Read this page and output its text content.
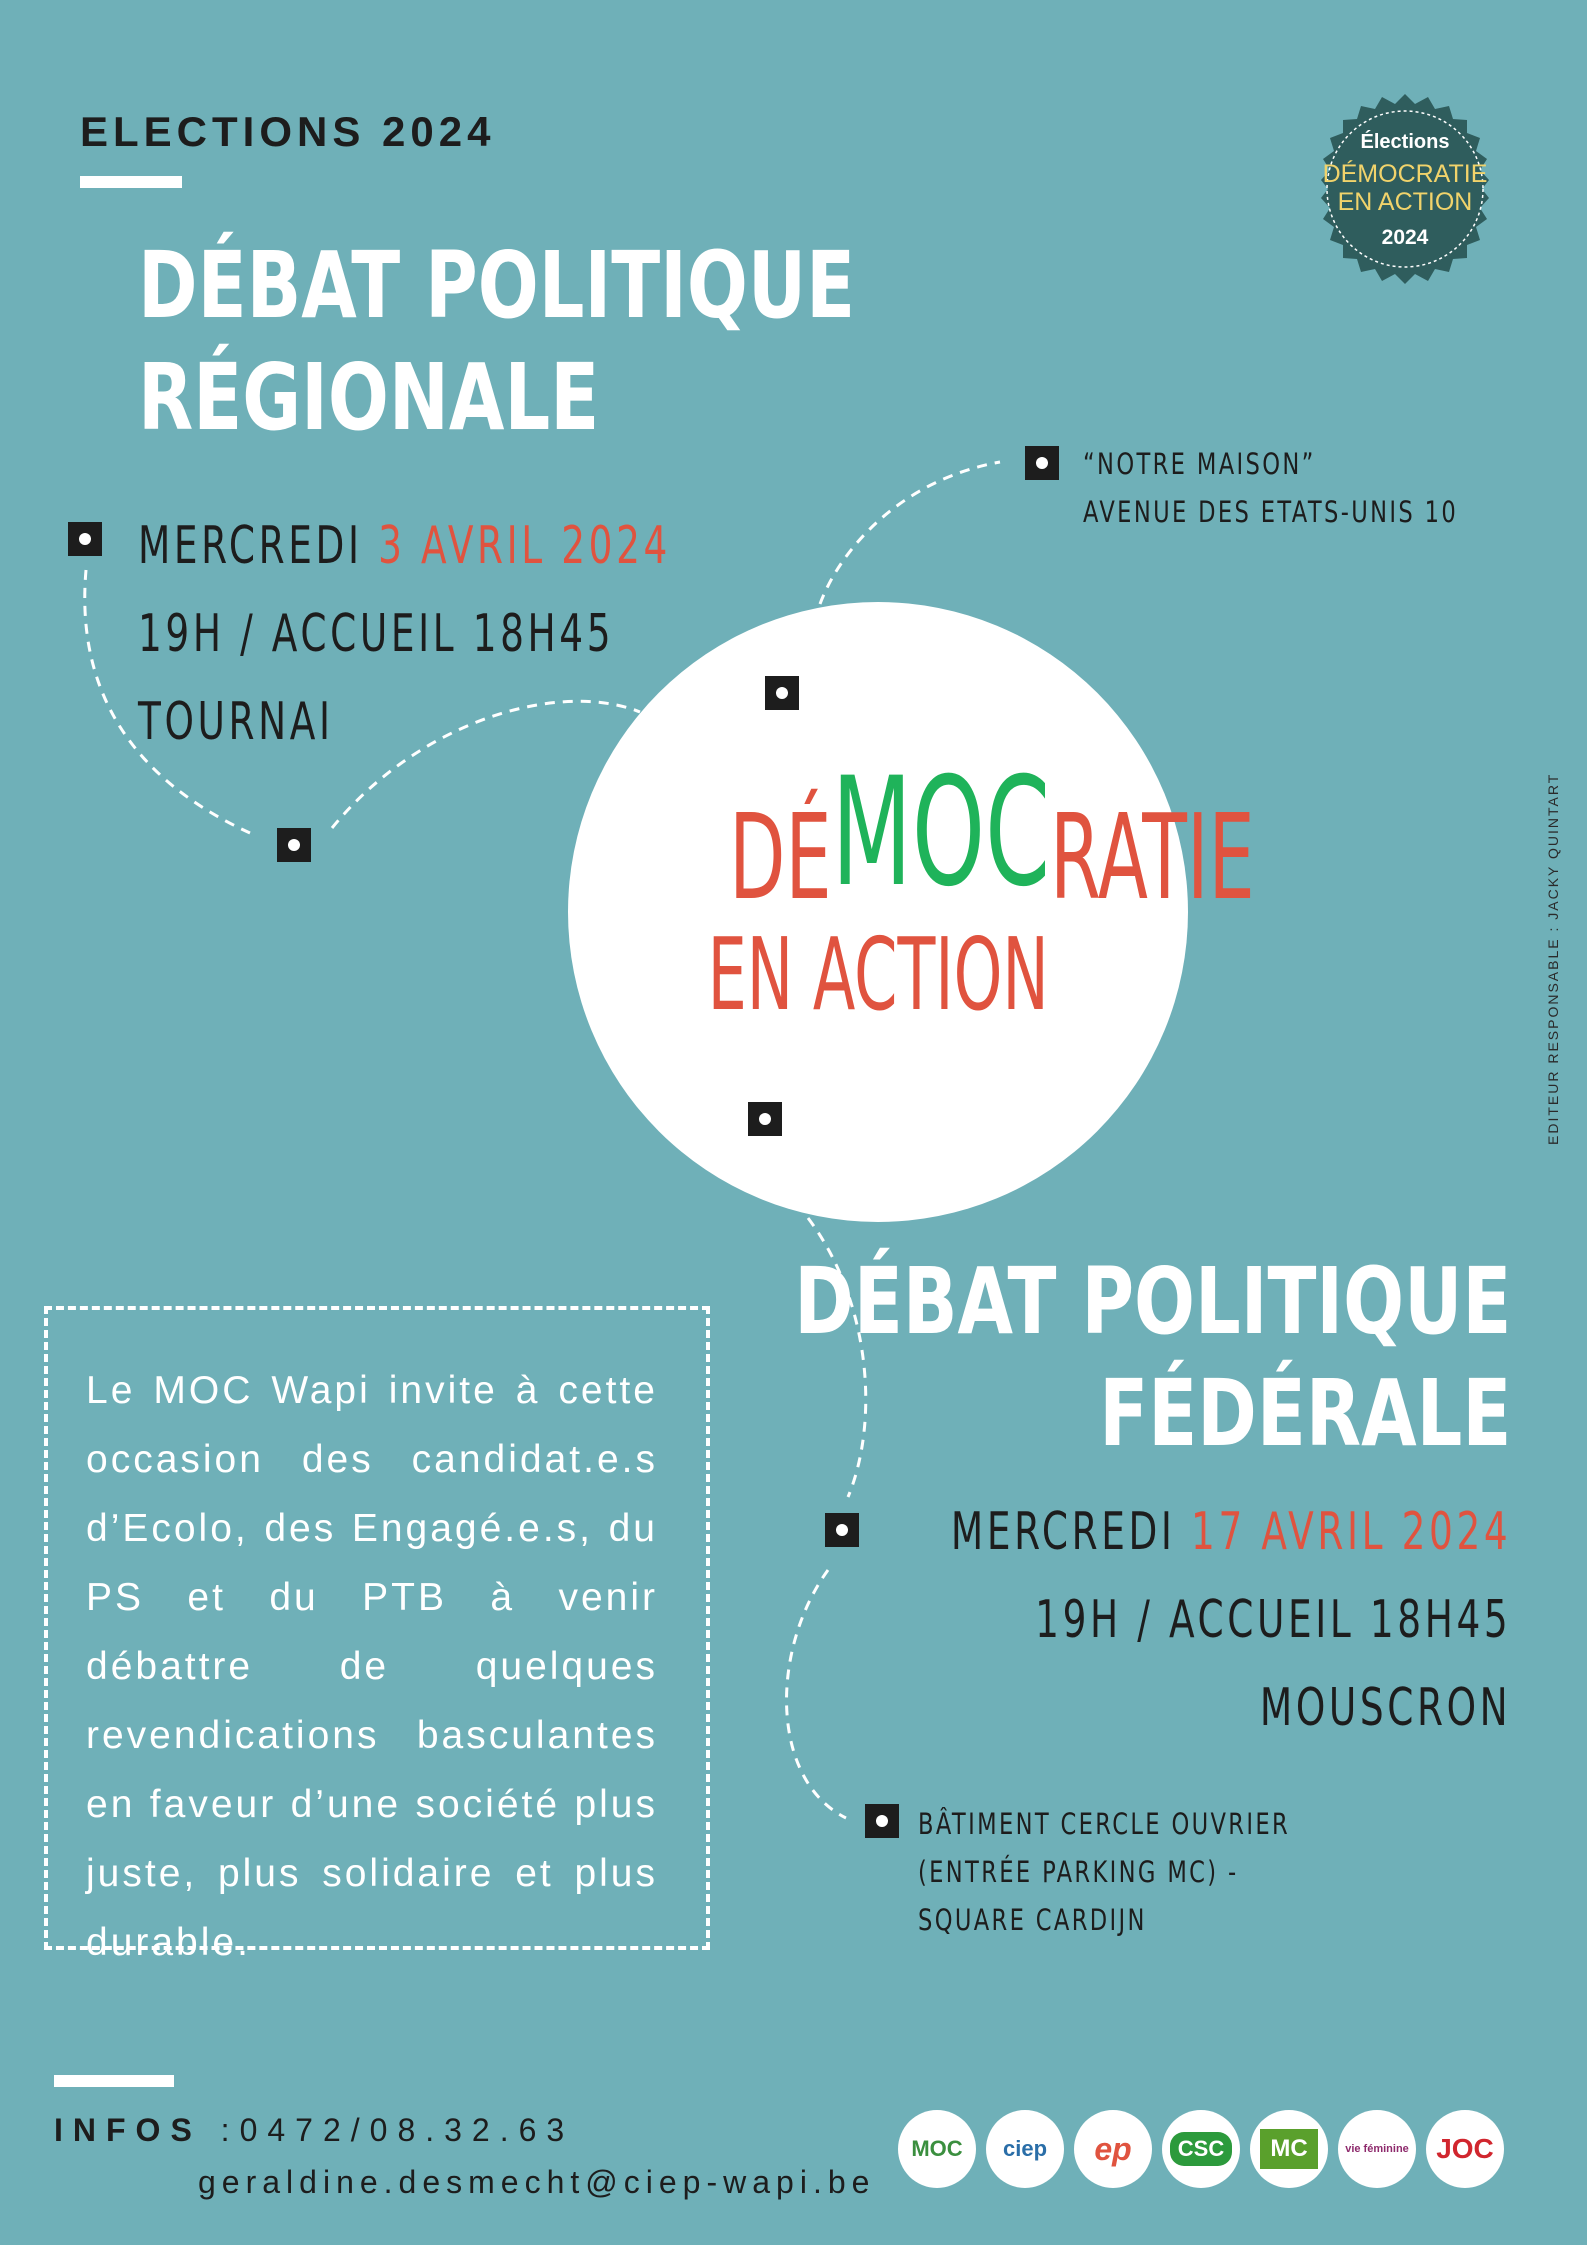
ELECTIONS 2024	Élections
DÉMOCRATIE
EN ACTION
2024
DÉBAT POLITIQUE
RÉGIONALE
MERCREDI 3 AVRIL 2024
19H / ACCUEIL 18H45
TOURNAI
“NOTRE MAISON”
AVENUE DES ETATS-UNIS 10
DÉMOCRATIE
EN ACTION
DÉBAT POLITIQUE
FÉDÉRALE
MERCREDI 17 AVRIL 2024
19H / ACCUEIL 18H45
MOUSCRON
BÂTIMENT CERCLE OUVRIER
(ENTRÉE PARKING MC) -
SQUARE CARDIJN
Le MOC Wapi invite à cette occasion des candidat.e.s d’Ecolo, des Engagé.e.s, du PS et du PTB à venir débattre de quelques revendications basculantes en faveur d’une société plus juste, plus solidaire et plus durable.
EDITEUR RESPONSABLE : JACKY QUINTART
INFOS :0472/08.32.63
geraldine.desmecht@ciep-wapi.be
MOC ciep ep	CSC	MC	vie féminine JOC
